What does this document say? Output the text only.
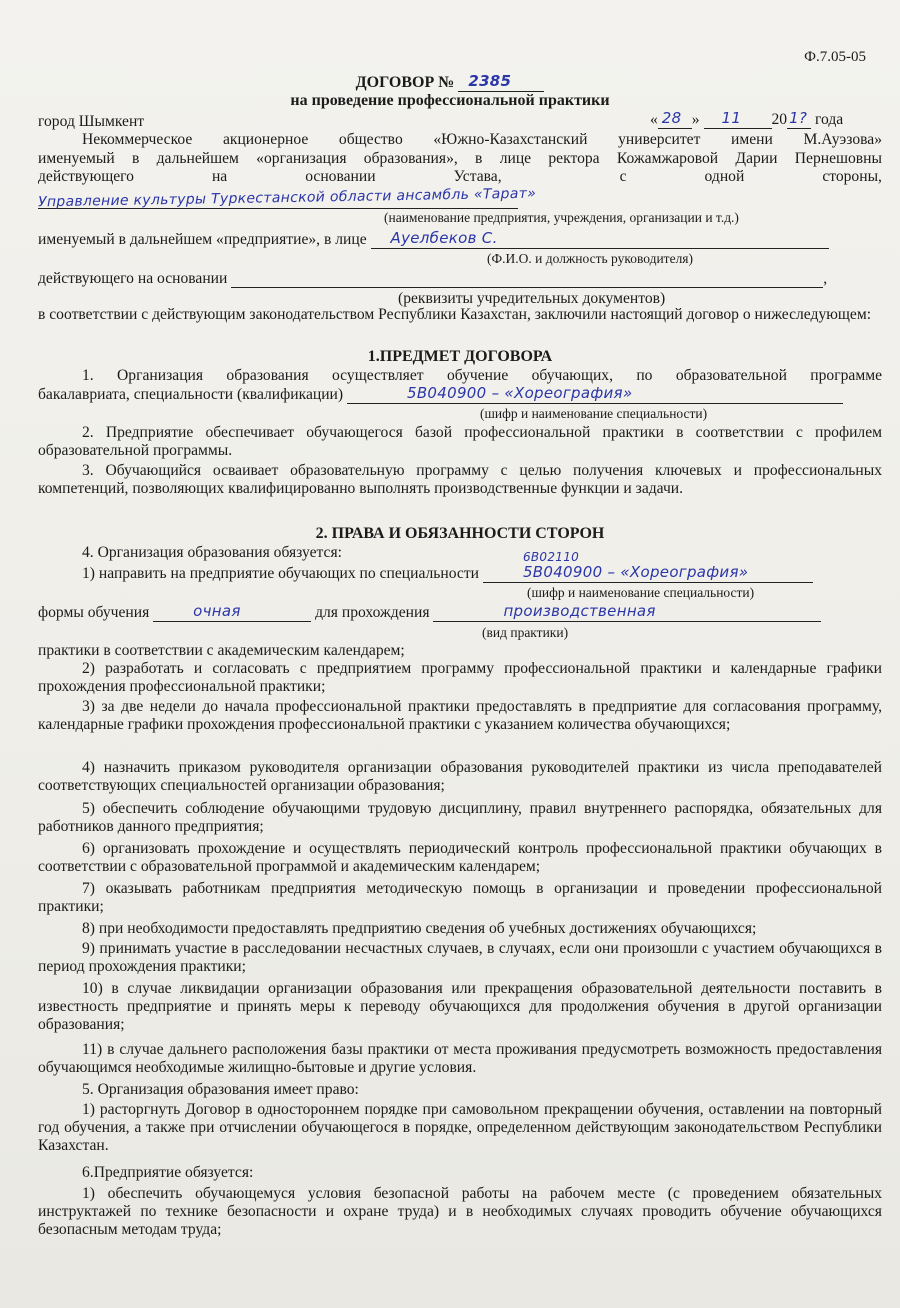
Ф.7.05-05
ДОГОВОР № 2385
на проведение профессиональной практики
город Шымкент	« 28 » 11 20 1? года

Некоммерческое акционерное общество «Южно-Казахстанский университет имени М.Ауэзова»

именуемый в дальнейшем «организация образования», в лице ректора Кожамжаровой Дарии Пернешовны

действующего	на	основании	Устава,	с	одной	стороны,
Управление культуры Туркестанской области ансамбль «Тарат»
(наименование предприятия, учреждения, организации и т.д.)
именуемый в дальнейшем «предприятие», в лице Ауелбеков С.
(Ф.И.О. и должность руководителя)
действующего на основании	,
(реквизиты учредительных документов)

в соответствии с действующим законодательством Республики Казахстан, заключили настоящий договор о нижеследующем:

1.ПРЕДМЕТ ДОГОВОРА

1. Организация образования осуществляет обучение обучающих, по образовательной программе

бакалавриата, специальности (квалификации)	5В040900 – «Хореография»
(шифр и наименование специальности)

2. Предприятие обеспечивает обучающегося базой профессиональной практики в соответствии с профилем образовательной программы.

3. Обучающийся осваивает образовательную программу с целью получения ключевых и профессиональных компетенций, позволяющих квалифицированно выполнять производственные функции и задачи.

2. ПРАВА И ОБЯЗАННОСТИ СТОРОН
4. Организация образования обязуется:
1) направить на предприятие обучающих по специальности
6В02110
5В040900 – «Хореография»
(шифр и наименование специальности)
формы обучения	очная	для прохождения	производственная
(вид практики)
практики в соответствии с академическим календарем;

2) разработать и согласовать с предприятием программу профессиональной практики и календарные графики прохождения профессиональной практики;

3) за две недели до начала профессиональной практики предоставлять в предприятие для согласования программу, календарные графики прохождения профессиональной практики с указанием количества обучающихся;

4) назначить приказом руководителя организации образования руководителей практики из числа преподавателей соответствующих специальностей организации образования;

5) обеспечить соблюдение обучающими трудовую дисциплину, правил внутреннего распорядка, обязательных для работников данного предприятия;

6) организовать прохождение и осуществлять периодический контроль профессиональной практики обучающих в соответствии с образовательной программой и академическим календарем;

7) оказывать работникам предприятия методическую помощь в организации и проведении профессиональной практики;

8) при необходимости предоставлять предприятию сведения об учебных достижениях обучающихся;

9) принимать участие в расследовании несчастных случаев, в случаях, если они произошли с участием обучающихся в период прохождения практики;

10) в случае ликвидации организации образования или прекращения образовательной деятельности поставить в известность предприятие и принять меры к переводу обучающихся для продолжения обучения в другой организации образования;

11) в случае дальнего расположения базы практики от места проживания предусмотреть возможность предоставления обучающимся необходимые жилищно-бытовые и другие условия.

5. Организация образования имеет право:

1) расторгнуть Договор в одностороннем порядке при самовольном прекращении обучения, оставлении на повторный год обучения, а также при отчислении обучающегося в порядке, определенном действующим законодательством Республики Казахстан.

6.Предприятие обязуется:

1) обеспечить обучающемуся условия безопасной работы на рабочем месте (с проведением обязательных инструктажей по технике безопасности и охране труда) и в необходимых случаях проводить обучение обучающихся безопасным методам труда;
